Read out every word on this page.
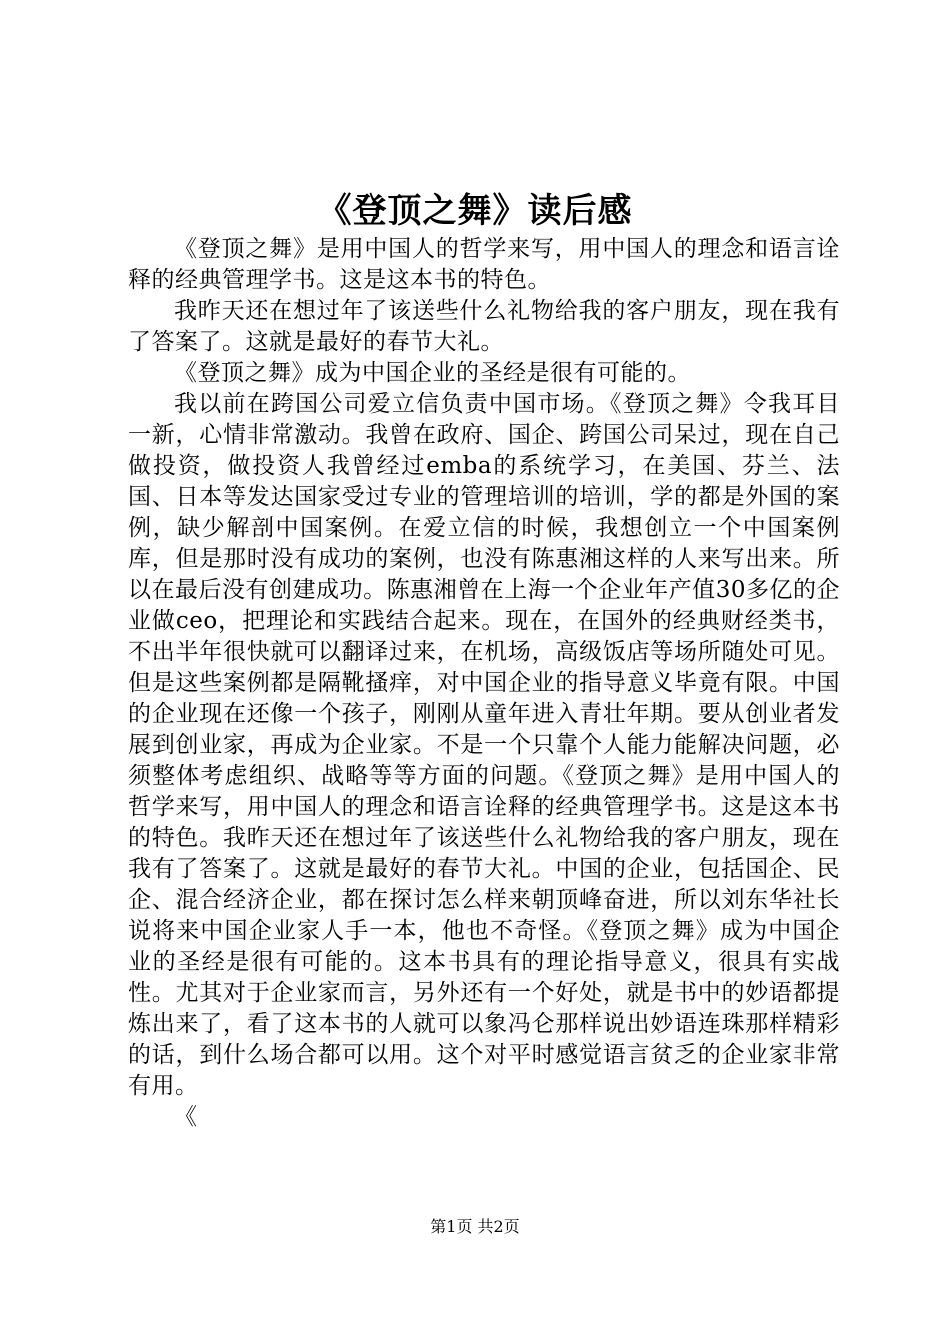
《登顶之舞》读后感

《登顶之舞》是用中国人的哲学来写，用中国人的理念和语言诠释的经典管理学书。这是这本书的特色。

我昨天还在想过年了该送些什么礼物给我的客户朋友，现在我有了答案了。这就是最好的春节大礼。

《登顶之舞》成为中国企业的圣经是很有可能的。

我以前在跨国公司爱立信负责中国市场。《登顶之舞》令我耳目一新，心情非常激动。我曾在政府、国企、跨国公司呆过，现在自己做投资，做投资人我曾经过emba的系统学习，在美国、芬兰、法国、日本等发达国家受过专业的管理培训的培训，学的都是外国的案例，缺少解剖中国案例。在爱立信的时候，我想创立一个中国案例库，但是那时没有成功的案例，也没有陈惠湘这样的人来写出来。所以在最后没有创建成功。陈惠湘曾在上海一个企业年产值30多亿的企业做ceo，把理论和实践结合起来。现在，在国外的经典财经类书，不出半年很快就可以翻译过来，在机场，高级饭店等场所随处可见。但是这些案例都是隔靴搔痒，对中国企业的指导意义毕竟有限。中国的企业现在还像一个孩子，刚刚从童年进入青壮年期。要从创业者发展到创业家，再成为企业家。不是一个只靠个人能力能解决问题，必须整体考虑组织、战略等等方面的问题。《登顶之舞》是用中国人的哲学来写，用中国人的理念和语言诠释的经典管理学书。这是这本书的特色。我昨天还在想过年了该送些什么礼物给我的客户朋友，现在我有了答案了。这就是最好的春节大礼。中国的企业，包括国企、民企、混合经济企业，都在探讨怎么样来朝顶峰奋进，所以刘东华社长说将来中国企业家人手一本，他也不奇怪。《登顶之舞》成为中国企业的圣经是很有可能的。这本书具有的理论指导意义，很具有实战性。尤其对于企业家而言，另外还有一个好处，就是书中的妙语都提炼出来了，看了这本书的人就可以象冯仑那样说出妙语连珠那样精彩的话，到什么场合都可以用。这个对平时感觉语言贫乏的企业家非常有用。

《

第1页 共2页
